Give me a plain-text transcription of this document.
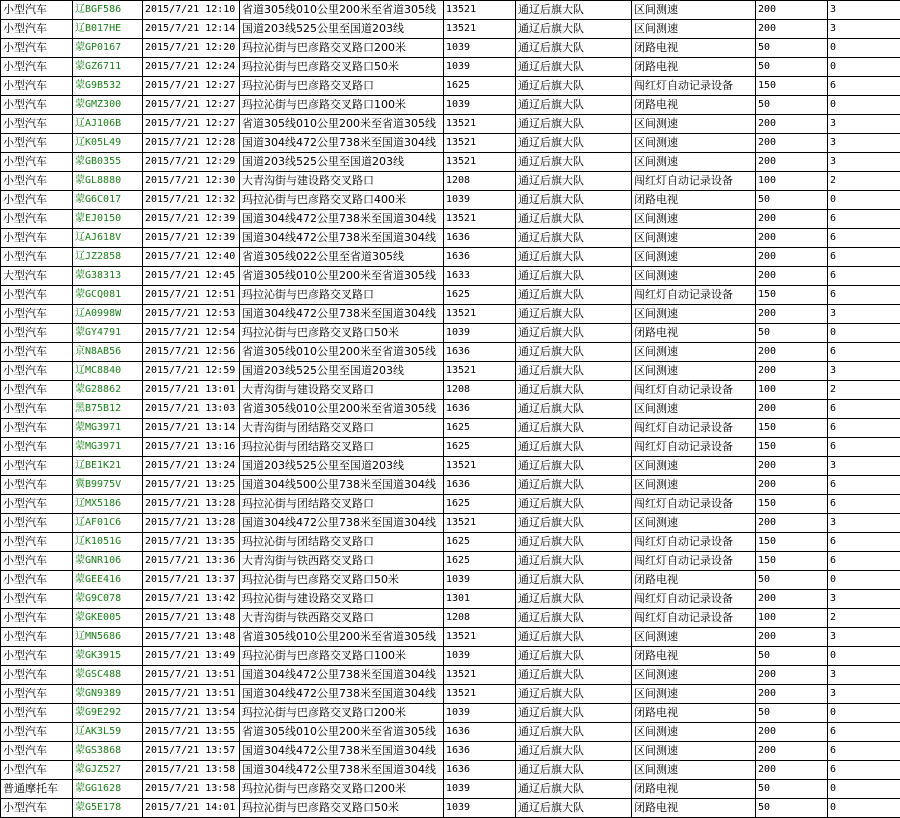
小型汽车	辽BGF586	2015/7/21 12:10	省道305线010公里200米至省道305线	13521	通辽后旗大队	区间测速	200	3
小型汽车	辽B017HE	2015/7/21 12:14	国道203线525公里至国道203线	13521	通辽后旗大队	区间测速	200	3
小型汽车	蒙GP0167	2015/7/21 12:20	玛拉沁街与巴彦路交叉路口200米	1039	通辽后旗大队	闭路电视	50	0
小型汽车	蒙GZ6711	2015/7/21 12:24	玛拉沁街与巴彦路交叉路口50米	1039	通辽后旗大队	闭路电视	50	0
小型汽车	蒙G9B532	2015/7/21 12:27	玛拉沁街与巴彦路交叉路口	1625	通辽后旗大队	闯红灯自动记录设备	150	6
小型汽车	蒙GMZ300	2015/7/21 12:27	玛拉沁街与巴彦路交叉路口100米	1039	通辽后旗大队	闭路电视	50	0
小型汽车	辽AJ106B	2015/7/21 12:27	省道305线010公里200米至省道305线	13521	通辽后旗大队	区间测速	200	3
小型汽车	辽K05L49	2015/7/21 12:28	国道304线472公里738米至国道304线	13521	通辽后旗大队	区间测速	200	3
小型汽车	蒙GB0355	2015/7/21 12:29	国道203线525公里至国道203线	13521	通辽后旗大队	区间测速	200	3
小型汽车	蒙GL8880	2015/7/21 12:30	大青沟街与建设路交叉路口	1208	通辽后旗大队	闯红灯自动记录设备	100	2
小型汽车	蒙G6C017	2015/7/21 12:32	玛拉沁街与巴彦路交叉路口400米	1039	通辽后旗大队	闭路电视	50	0
小型汽车	蒙EJ0150	2015/7/21 12:39	国道304线472公里738米至国道304线	13521	通辽后旗大队	区间测速	200	6
小型汽车	辽AJ618V	2015/7/21 12:39	国道304线472公里738米至国道304线	1636	通辽后旗大队	区间测速	200	6
小型汽车	辽JZ2858	2015/7/21 12:40	省道305线022公里至省道305线	1636	通辽后旗大队	区间测速	200	6
大型汽车	蒙G38313	2015/7/21 12:45	省道305线010公里200米至省道305线	1633	通辽后旗大队	区间测速	200	6
小型汽车	蒙GCQ081	2015/7/21 12:51	玛拉沁街与巴彦路交叉路口	1625	通辽后旗大队	闯红灯自动记录设备	150	6
小型汽车	辽A0998W	2015/7/21 12:53	国道304线472公里738米至国道304线	13521	通辽后旗大队	区间测速	200	3
小型汽车	蒙GY4791	2015/7/21 12:54	玛拉沁街与巴彦路交叉路口50米	1039	通辽后旗大队	闭路电视	50	0
小型汽车	京N8AB56	2015/7/21 12:56	省道305线010公里200米至省道305线	1636	通辽后旗大队	区间测速	200	6
小型汽车	辽MC8840	2015/7/21 12:59	国道203线525公里至国道203线	13521	通辽后旗大队	区间测速	200	3
小型汽车	蒙G28862	2015/7/21 13:01	大青沟街与建设路交叉路口	1208	通辽后旗大队	闯红灯自动记录设备	100	2
小型汽车	黑B75B12	2015/7/21 13:03	省道305线010公里200米至省道305线	1636	通辽后旗大队	区间测速	200	6
小型汽车	蒙MG3971	2015/7/21 13:14	大青沟街与团结路交叉路口	1625	通辽后旗大队	闯红灯自动记录设备	150	6
小型汽车	蒙MG3971	2015/7/21 13:16	玛拉沁街与团结路交叉路口	1625	通辽后旗大队	闯红灯自动记录设备	150	6
小型汽车	辽BE1K21	2015/7/21 13:24	国道203线525公里至国道203线	13521	通辽后旗大队	区间测速	200	3
小型汽车	冀B9975V	2015/7/21 13:25	国道304线500公里738米至国道304线	1636	通辽后旗大队	区间测速	200	6
小型汽车	辽MX5186	2015/7/21 13:28	玛拉沁街与团结路交叉路口	1625	通辽后旗大队	闯红灯自动记录设备	150	6
小型汽车	辽AF01C6	2015/7/21 13:28	国道304线472公里738米至国道304线	13521	通辽后旗大队	区间测速	200	3
小型汽车	辽K1051G	2015/7/21 13:35	玛拉沁街与团结路交叉路口	1625	通辽后旗大队	闯红灯自动记录设备	150	6
小型汽车	蒙GNR106	2015/7/21 13:36	大青沟街与铁西路交叉路口	1625	通辽后旗大队	闯红灯自动记录设备	150	6
小型汽车	蒙GEE416	2015/7/21 13:37	玛拉沁街与巴彦路交叉路口50米	1039	通辽后旗大队	闭路电视	50	0
小型汽车	蒙G9C078	2015/7/21 13:42	玛拉沁街与建设路交叉路口	1301	通辽后旗大队	闯红灯自动记录设备	200	3
小型汽车	蒙GKE005	2015/7/21 13:48	大青沟街与铁西路交叉路口	1208	通辽后旗大队	闯红灯自动记录设备	100	2
小型汽车	辽MN5686	2015/7/21 13:48	省道305线010公里200米至省道305线	13521	通辽后旗大队	区间测速	200	3
小型汽车	蒙GK3915	2015/7/21 13:49	玛拉沁街与巴彦路交叉路口100米	1039	通辽后旗大队	闭路电视	50	0
小型汽车	蒙GSC488	2015/7/21 13:51	国道304线472公里738米至国道304线	13521	通辽后旗大队	区间测速	200	3
小型汽车	蒙GN9389	2015/7/21 13:51	国道304线472公里738米至国道304线	13521	通辽后旗大队	区间测速	200	3
小型汽车	蒙G9E292	2015/7/21 13:54	玛拉沁街与巴彦路交叉路口200米	1039	通辽后旗大队	闭路电视	50	0
小型汽车	辽AK3L59	2015/7/21 13:55	省道305线010公里200米至省道305线	1636	通辽后旗大队	区间测速	200	6
小型汽车	蒙GS3868	2015/7/21 13:57	国道304线472公里738米至国道304线	1636	通辽后旗大队	区间测速	200	6
小型汽车	蒙GJZ527	2015/7/21 13:58	国道304线472公里738米至国道304线	1636	通辽后旗大队	区间测速	200	6
普通摩托车	蒙GG1628	2015/7/21 13:58	玛拉沁街与巴彦路交叉路口200米	1039	通辽后旗大队	闭路电视	50	0
小型汽车	蒙G5E178	2015/7/21 14:01	玛拉沁街与巴彦路交叉路口50米	1039	通辽后旗大队	闭路电视	50	0
